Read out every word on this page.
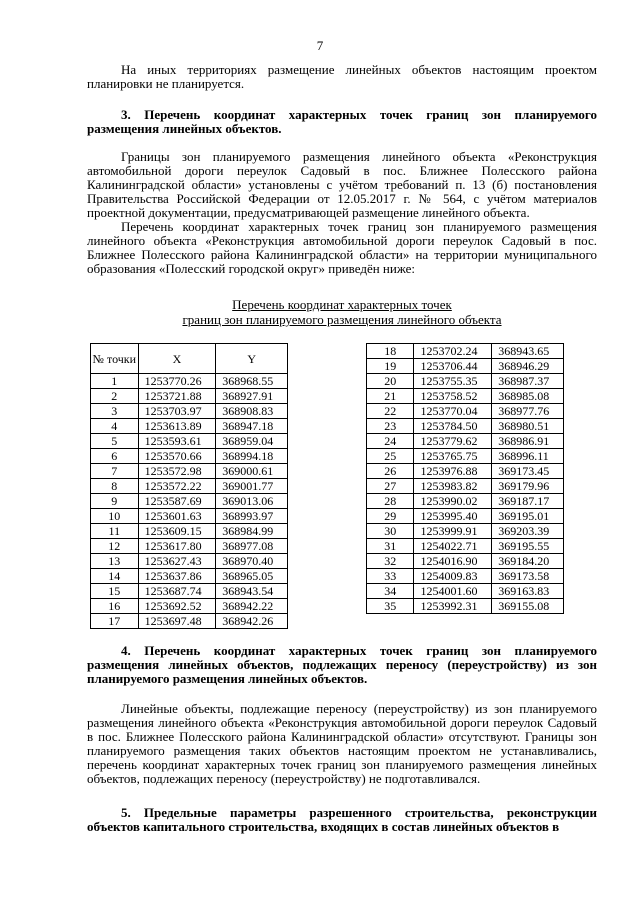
7

На иных территориях размещение линейных объектов настоящим проектом планировки не планируется.

3. Перечень координат характерных точек границ зон планируемого размещения линейных объектов.

Границы зон планируемого размещения линейного объекта «Реконструкция автомобильной дороги переулок Садовый в пос. Ближнее Полесского района Калининградской области» установлены с учётом требований п. 13 (б) постановления Правительства Российской Федерации от 12.05.2017 г. № 564, с учётом материалов проектной документации, предусматривающей размещение линейного объекта.

Перечень координат характерных точек границ зон планируемого размещения линейного объекта «Реконструкция автомобильной дороги переулок Садовый в пос. Ближнее Полесского района Калининградской области» на территории муниципального образования «Полесский городской округ» приведён ниже:

Перечень координат характерных точек
границ зон планируемого размещения линейного объекта
№ точки	X	Y
1	1253770.26	368968.55
2	1253721.88	368927.91
3	1253703.97	368908.83
4	1253613.89	368947.18
5	1253593.61	368959.04
6	1253570.66	368994.18
7	1253572.98	369000.61
8	1253572.22	369001.77
9	1253587.69	369013.06
10	1253601.63	368993.97
11	1253609.15	368984.99
12	1253617.80	368977.08
13	1253627.43	368970.40
14	1253637.86	368965.05
15	1253687.74	368943.54
16	1253692.52	368942.22
17	1253697.48	368942.26
18	1253702.24	368943.65
19	1253706.44	368946.29
20	1253755.35	368987.37
21	1253758.52	368985.08
22	1253770.04	368977.76
23	1253784.50	368980.51
24	1253779.62	368986.91
25	1253765.75	368996.11
26	1253976.88	369173.45
27	1253983.82	369179.96
28	1253990.02	369187.17
29	1253995.40	369195.01
30	1253999.91	369203.39
31	1254022.71	369195.55
32	1254016.90	369184.20
33	1254009.83	369173.58
34	1254001.60	369163.83
35	1253992.31	369155.08

4. Перечень координат характерных точек границ зон планируемого размещения линейных объектов, подлежащих переносу (переустройству) из зон планируемого размещения линейных объектов.

Линейные объекты, подлежащие переносу (переустройству) из зон планируемого размещения линейного объекта «Реконструкция автомобильной дороги переулок Садовый в пос. Ближнее Полесского района Калининградской области» отсутствуют. Границы зон планируемого размещения таких объектов настоящим проектом не устанавливались, перечень координат характерных точек границ зон планируемого размещения линейных объектов, подлежащих переносу (переустройству) не подготавливался.

5. Предельные параметры разрешенного строительства, реконструкции объектов капитального строительства, входящих в состав линейных объектов в
